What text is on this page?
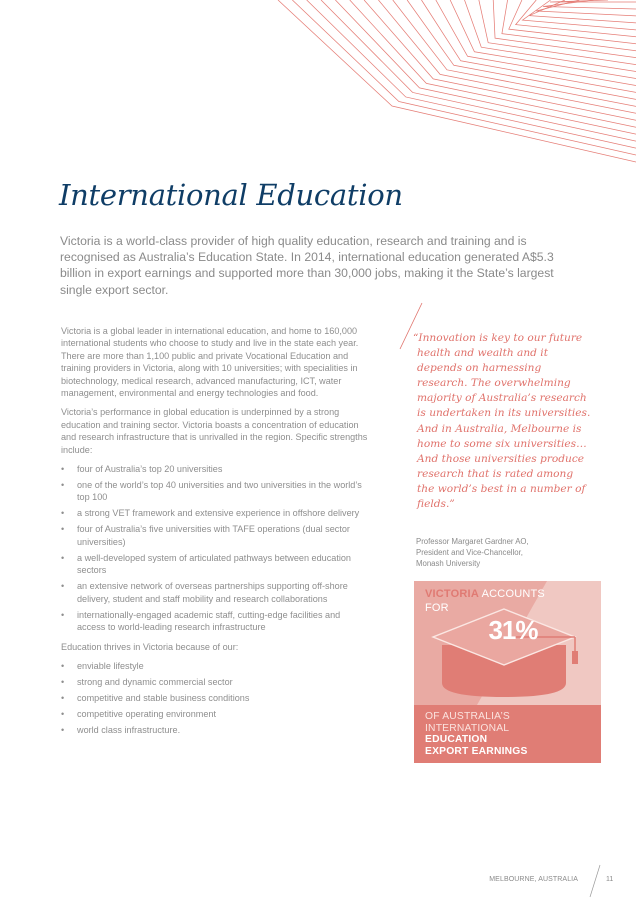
International Education

Victoria is a world-class provider of high quality education, research and training and is recognised as Australia’s Education State. In 2014, international education generated A$5.3 billion in export earnings and supported more than 30,000 jobs, making it the State’s largest single export sector.

Victoria is a global leader in international education, and home to 160,000 international students who choose to study and live in the state each year. There are more than 1,100 public and private Vocational Education and training providers in Victoria, along with 10 universities; with specialities in biotechnology, medical research, advanced manufacturing, ICT, water management, environmental and energy technologies and food.

Victoria’s performance in global education is underpinned by a strong education and training sector. Victoria boasts a concentration of education and research infrastructure that is unrivalled in the region. Specific strengths include:

• four of Australia’s top 20 universities
• one of the world’s top 40 universities and two universities in the world’s top 100
• a strong VET framework and extensive experience in offshore delivery
• four of Australia’s five universities with TAFE operations (dual sector universities)
• a well-developed system of articulated pathways between education sectors
• an extensive network of overseas partnerships supporting off-shore delivery, student and staff mobility and research collaborations
• internationally-engaged academic staff, cutting-edge facilities and access to world-leading research infrastructure

Education thrives in Victoria because of our:

• enviable lifestyle
• strong and dynamic commercial sector
• competitive and stable business conditions
• competitive operating environment
• world class infrastructure.

“Innovation is key to our future health and wealth and it depends on harnessing research. The overwhelming majority of Australia’s research is undertaken in its universities. And in Australia, Melbourne is home to some six universities… And those universities produce research that is rated among the world’s best in a number of fields.”

Professor Margaret Gardner AO,
President and Vice-Chancellor,
Monash University
VICTORIA ACCOUNTS
FOR
31%
OF AUSTRALIA’S
INTERNATIONAL
EDUCATION
EXPORT EARNINGS
MELBOURNE, AUSTRALIA	11
